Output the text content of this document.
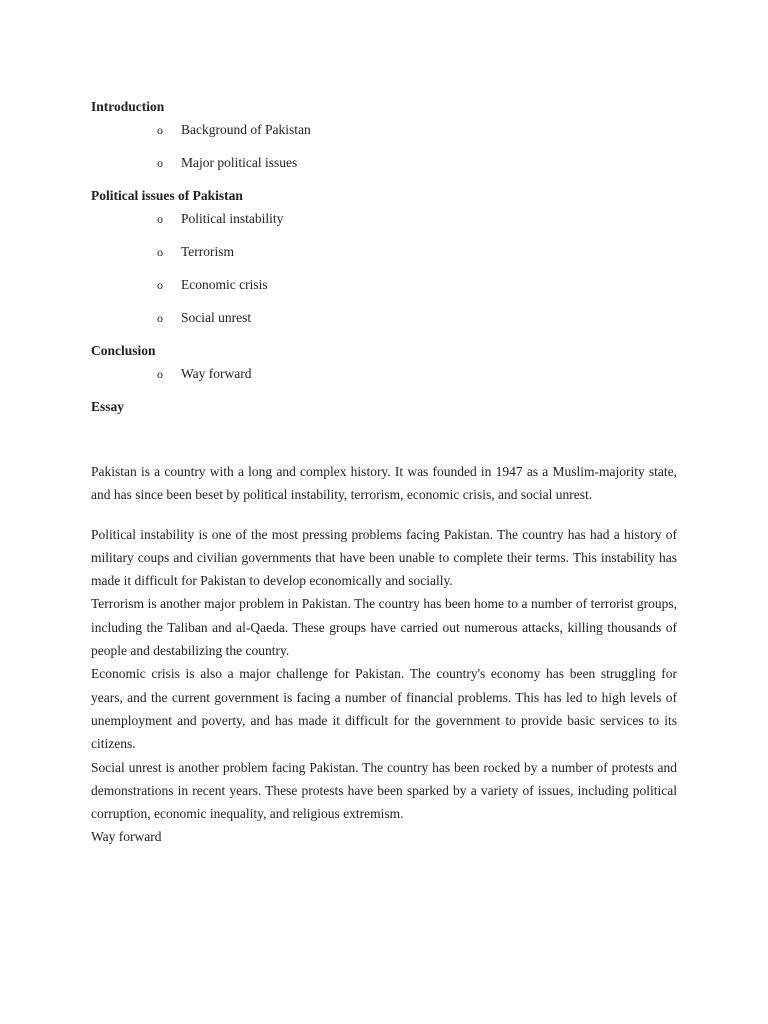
Introduction
o Background of Pakistan
o Major political issues
Political issues of Pakistan
o Political instability
o Terrorism
o Economic crisis
o Social unrest
Conclusion
o Way forward
Essay

Pakistan is a country with a long and complex history. It was founded in 1947 as a Muslim-majority state, and has since been beset by political instability, terrorism, economic crisis, and social unrest.

Political instability is one of the most pressing problems facing Pakistan. The country has had a history of military coups and civilian governments that have been unable to complete their terms. This instability has made it difficult for Pakistan to develop economically and socially.

Terrorism is another major problem in Pakistan. The country has been home to a number of terrorist groups, including the Taliban and al-Qaeda. These groups have carried out numerous attacks, killing thousands of people and destabilizing the country.

Economic crisis is also a major challenge for Pakistan. The country's economy has been struggling for years, and the current government is facing a number of financial problems. This has led to high levels of unemployment and poverty, and has made it difficult for the government to provide basic services to its citizens.

Social unrest is another problem facing Pakistan. The country has been rocked by a number of protests and demonstrations in recent years. These protests have been sparked by a variety of issues, including political corruption, economic inequality, and religious extremism.

Way forward
